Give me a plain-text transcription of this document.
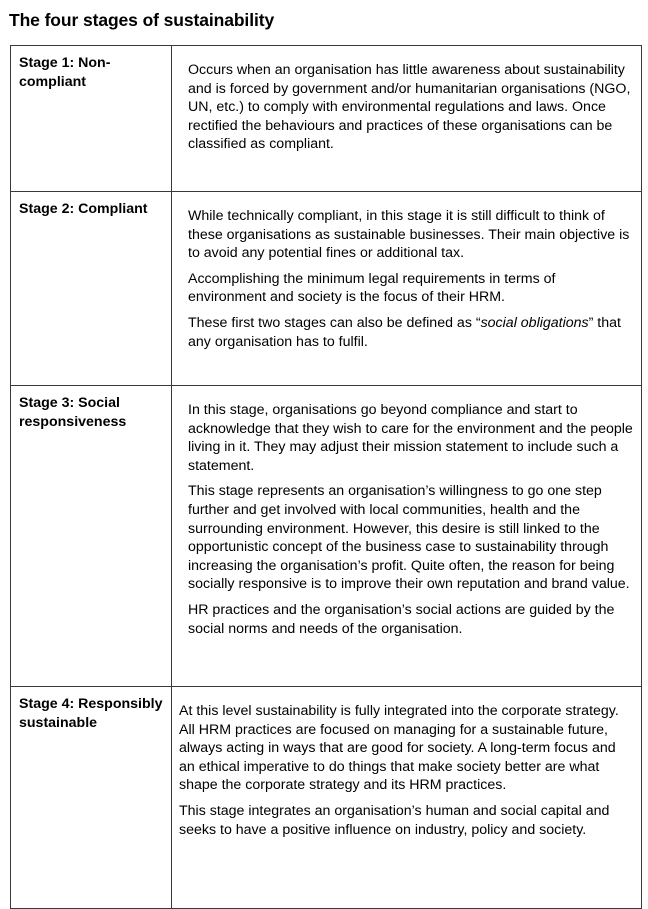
The four stages of sustainability
Stage 1: Non-compliant	Occurs when an organisation has little awareness about sustainability and is forced by government and/or humanitarian organisations (NGO, UN, etc.) to comply with environmental regulations and laws. Once rectified the behaviours and practices of these organisations can be classified as compliant.

Stage 2: Compliant	While technically compliant, in this stage it is still difficult to think of these organisations as sustainable businesses. Their main objective is to avoid any potential fines or additional tax.

Accomplishing the minimum legal requirements in terms of environment and society is the focus of their HRM.

These first two stages can also be defined as “social obligations” that any organisation has to fulfil.

Stage 3: Social responsiveness	In this stage, organisations go beyond compliance and start to acknowledge that they wish to care for the environment and the people living in it. They may adjust their mission statement to include such a statement.

This stage represents an organisation’s willingness to go one step further and get involved with local communities, health and the surrounding environment. However, this desire is still linked to the opportunistic concept of the business case to sustainability through increasing the organisation’s profit. Quite often, the reason for being socially responsive is to improve their own reputation and brand value.

HR practices and the organisation’s social actions are guided by the social norms and needs of the organisation.

Stage 4: Responsibly sustainable	At this level sustainability is fully integrated into the corporate strategy. All HRM practices are focused on managing for a sustainable future, always acting in ways that are good for society. A long-term focus and an ethical imperative to do things that make society better are what shape the corporate strategy and its HRM practices.

This stage integrates an organisation’s human and social capital and seeks to have a positive influence on industry, policy and society.
